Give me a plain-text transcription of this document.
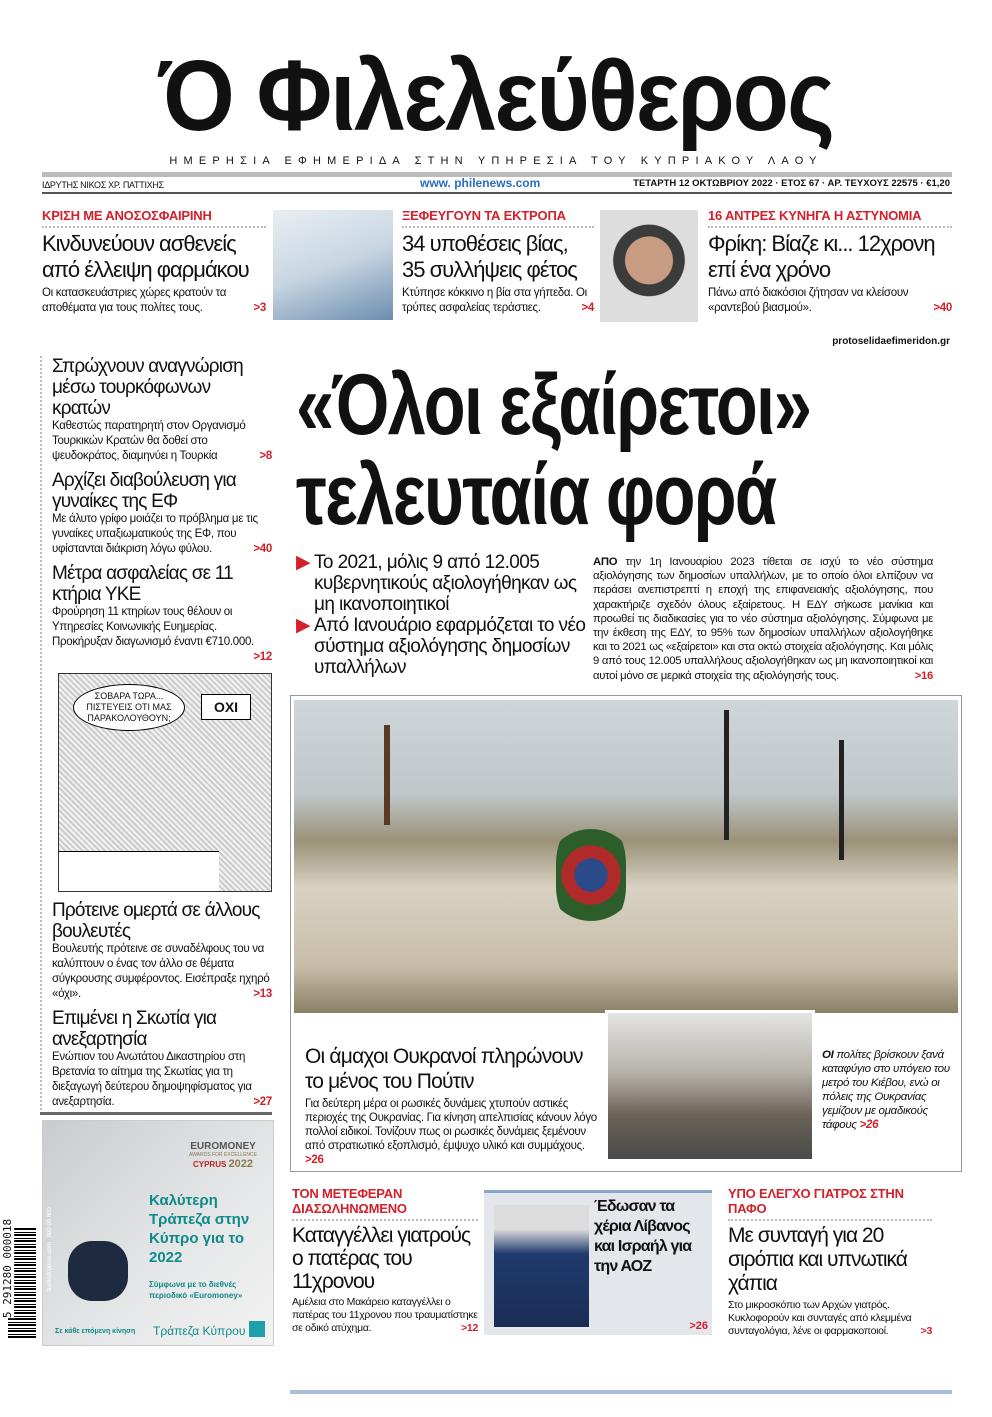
Ό Φιλελεύθερος
ΗΜΕΡΗΣΙΑ ΕΦΗΜΕΡΙΔΑ ΣΤΗΝ ΥΠΗΡΕΣΙΑ ΤΟΥ ΚΥΠΡΙΑΚΟΥ ΛΑΟΥ
ΙΔΡΥΤΗΣ ΝΙΚΟΣ ΧΡ. ΠΑΤΤΙΧΗΣ	www. philenews.com	ΤΕΤΑΡΤΗ 12 ΟΚΤΩΒΡΙΟΥ 2022 · ΕΤΟΣ 67 · ΑΡ. ΤΕΥΧΟΥΣ 22575 · €1,20
ΚΡΙΣΗ ΜΕ ΑΝΟΣΟΣΦΑΙΡΙΝΗ
Κινδυνεύουν ασθενείς από έλλειψη φαρμάκου
Οι κατασκευάστριες χώρες κρατούν τα αποθέματα για τους πολίτες τους.	>3
ΞΕΦΕΥΓΟΥΝ ΤΑ ΕΚΤΡΟΠΑ
34 υποθέσεις βίας, 35 συλλήψεις φέτος
Κτύπησε κόκκινο η βία στα γήπεδα. Οι τρύπες ασφαλείας τεράστιες.	>4
16 ΑΝΤΡΕΣ ΚΥΝΗΓΑ Η ΑΣΤΥΝΟΜΙΑ
Φρίκη: Βίαζε κι... 12χρονη επί ένα χρόνο
Πάνω από διακόσιοι ζήτησαν να κλείσουν «ραντεβού βιασμού».	>40
protoselidaefimeridon.gr
Σπρώχνουν αναγνώριση μέσω τουρκόφωνων κρατών
Καθεστώς παρατηρητή στον Οργανισμό Τουρκικών Κρατών θα δοθεί στο ψευδοκράτος, διαμηνύει η Τουρκία	>8
Αρχίζει διαβούλευση για γυναίκες της ΕΦ
Με άλυτο γρίφο μοιάζει το πρόβλημα με τις γυναίκες υπαξιωματικούς της ΕΦ, που υφίστανται διάκριση λόγω φύλου.	>40
Μέτρα ασφαλείας σε 11 κτήρια ΥΚΕ
Φρούρηση 11 κτηρίων τους θέλουν οι Υπηρεσίες Κοινωνικής Ευημερίας. Προκήρυξαν διαγωνισμό έναντι €710.000.
>12
ΣΟΒΑΡΑ ΤΩΡΑ... ΠΙΣΤΕΥΕΙΣ ΟΤΙ ΜΑΣ ΠΑΡΑΚΟΛΟΥΘΟΥΝ;
ΟΧΙ
Πρότεινε ομερτά σε άλλους βουλευτές
Βουλευτής πρότεινε σε συναδέλφους του να καλύπτουν ο ένας τον άλλο σε θέματα σύγκρουσης συμφέροντος. Εισέπραξε ηχηρό «όχι».	>13
Επιμένει η Σκωτία για ανεξαρτησία
Ενώπιον του Ανωτάτου Δικαστηρίου στη Βρετανία το αίτημα της Σκωτίας για τη διεξαγωγή δεύτερου δημοψηφίσματος για ανεξαρτησία.	>27
«Όλοι εξαίρετοι»
τελευταία φορά
▶ Το 2021, μόλις 9 από 12.005 κυβερνητικούς αξιολογήθηκαν ως μη ικανοποιητικοί
▶ Από Ιανουάριο εφαρμόζεται το νέο σύστημα αξιολόγησης δημοσίων υπαλλήλων
ΑΠΟ την 1η Ιανουαρίου 2023 τίθεται σε ισχύ το νέο σύστημα αξιολόγησης των δημοσίων υπαλλήλων, με το οποίο όλοι ελπίζουν να περάσει ανεπιστρεπτί η εποχή της επιφανειακής αξιολόγησης, που χαρακτήριζε σχεδόν όλους εξαίρετους. Η ΕΔΥ σήκωσε μανίκια και προωθεί τις διαδικασίες για το νέο σύστημα αξιολόγησης. Σύμφωνα με την έκθεση της ΕΔΥ, το 95% των δημοσίων υπαλλήλων αξιολογήθηκε και το 2021 ως «εξαίρετοι» και στα οκτώ στοιχεία αξιολόγησης. Και μόλις 9 από τους 12.005 υπαλλήλους αξιολογήθηκαν ως μη ικανοποιητικοί και αυτοί μόνο σε μερικά στοιχεία της αξιολόγησής τους.	>16
Οι άμαχοι Ουκρανοί πληρώνουν το μένος του Πούτιν
Για δεύτερη μέρα οι ρωσικές δυνάμεις χτυπούν αστικές περιοχές της Ουκρανίας. Για κίνηση απελπισίας κάνουν λόγο πολλοί ειδικοί. Τονίζουν πως οι ρωσικές δυνάμεις ξεμένουν από στρατιωτικό εξοπλισμό, έμψυχο υλικό και συμμάχους. >26
ΟΙ πολίτες βρίσκουν ξανά καταφύγιο στο υπόγειο του μετρό του Κιέβου, ενώ οι πόλεις της Ουκρανίας γεμίζουν με ομαδικούς τάφους >26
ΤΟΝ ΜΕΤΕΦΕΡΑΝ ΔΙΑΣΩΛΗΝΩΜΕΝΟ
Καταγγέλλει γιατρούς ο πατέρας του 11χρονου
Αμέλεια στο Μακάρειο καταγγέλλει ο πατέρας του 11χρονου που τραυματίστηκε σε οδικό ατύχημα.	>12
Έδωσαν τα χέρια Λίβανος και Ισραήλ για την ΑΟΖ
>26
ΥΠΟ ΕΛΕΓΧΟ ΓΙΑΤΡΟΣ ΣΤΗΝ ΠΑΦΟ
Με συνταγή για 20 σιρόπια και υπνωτικά χάπια
Στο μικροσκόπιο των Αρχών γιατρός. Κυκλοφορούν και συνταγές από κλεμμένα συνταγολόγια, λένε οι φαρμακοποιοί.	>3
EUROMONEY
AWARDS FOR EXCELLENCE
CYPRUS 2022
Καλύτερη Τράπεζα στην Κύπρο για το 2022
Σύμφωνα με το διεθνές περιοδικό «Euromoney»
Σε κάθε επόμενη κίνηση Τράπεζα Κύπρου
bankofcyprus.com   800 00 800
5 291280 000018
